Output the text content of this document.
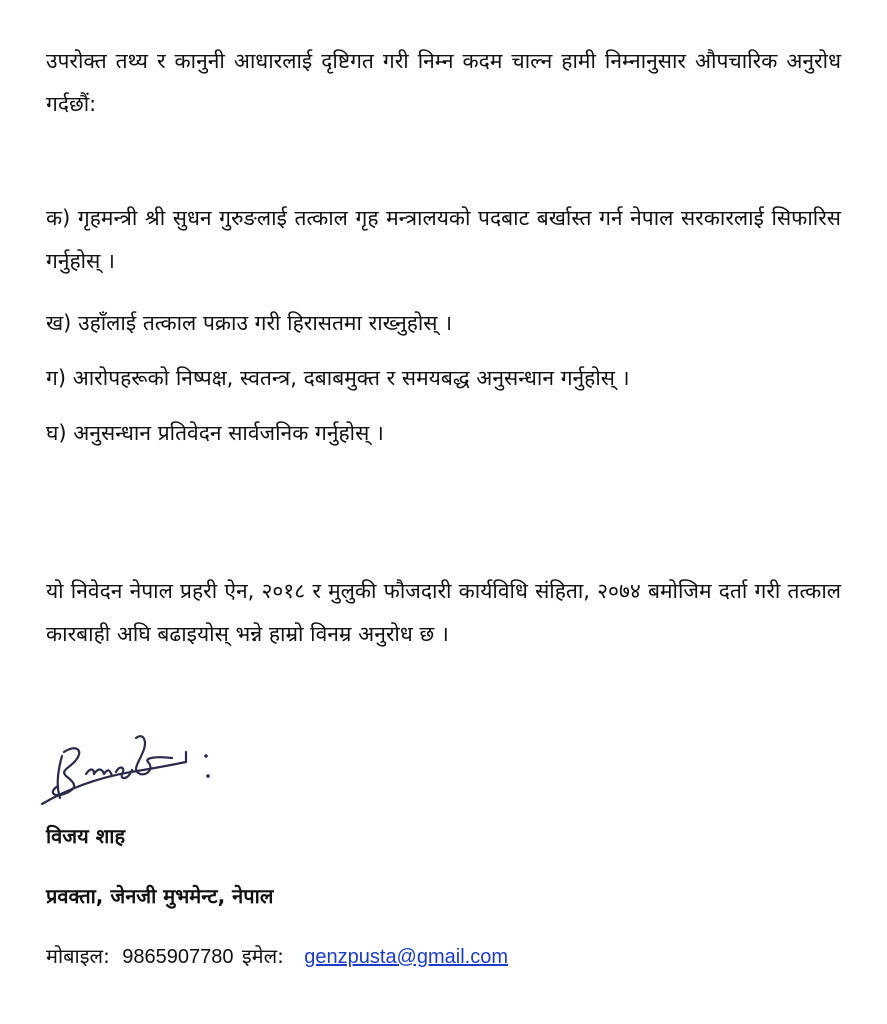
उपरोक्त तथ्य र कानुनी आधारलाई दृष्टिगत गरी निम्न कदम चाल्न हामी निम्नानुसार औपचारिक अनुरोध गर्दछौं:

क) गृहमन्त्री श्री सुधन गुरुङलाई तत्काल गृह मन्त्रालयको पदबाट बर्खास्त गर्न नेपाल सरकारलाई सिफारिस गर्नुहोस् ।

ख) उहाँलाई तत्काल पक्राउ गरी हिरासतमा राख्नुहोस् ।

ग) आरोपहरूको निष्पक्ष, स्वतन्त्र, दबाबमुक्त र समयबद्ध अनुसन्धान गर्नुहोस् ।

घ) अनुसन्धान प्रतिवेदन सार्वजनिक गर्नुहोस् ।

यो निवेदन नेपाल प्रहरी ऐन, २०१८ र मुलुकी फौजदारी कार्यविधि संहिता, २०७४ बमोजिम दर्ता गरी तत्काल कारबाही अघि बढाइयोस् भन्ने हाम्रो विनम्र अनुरोध छ ।

विजय शाह

प्रवक्ता, जेनजी मुभमेन्ट, नेपाल

मोबाइल: 9865907780 इमेल: genzpusta@gmail.com
